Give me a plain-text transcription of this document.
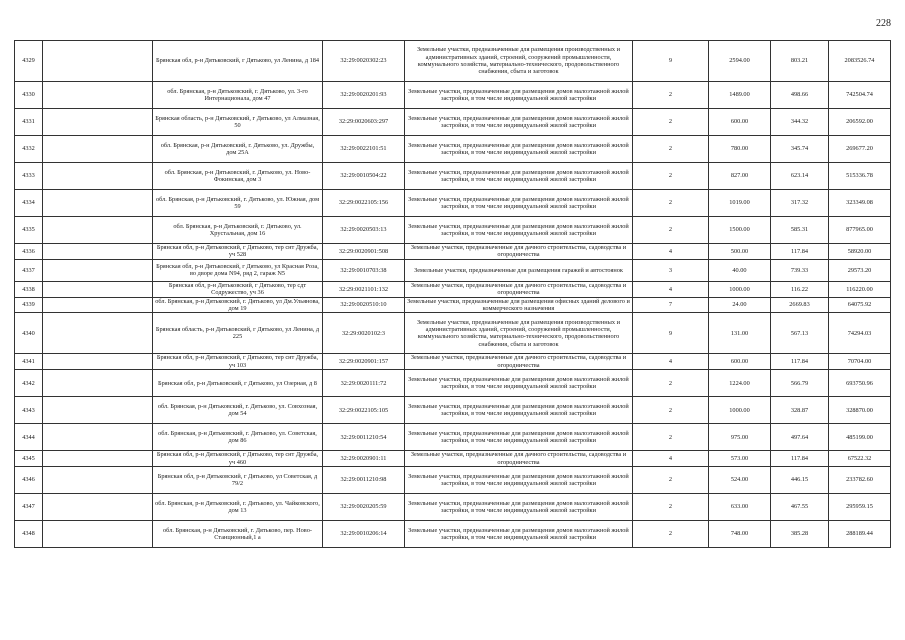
228
4329		Брянская обл, р-н Дятьковский, г Дятьково, ул Ленина, д 184	32:29:0020302:23	Земельные участки, предназначенные для размещения производственных и административных зданий, строений, сооружений промышленности, коммунального хозяйства, материально-технического, продовольственного снабжения, сбыта и заготовок	9	2594.00	803.21	2083526.74
4330		обл. Брянская, р-н Дятьковский, г. Дятьково, ул. 3-го Интернационала, дом 47	32:29:0020201:93	Земельные участки, предназначенные для размещения домов малоэтажной жилой застройки, в том числе индивидуальной жилой застройки	2	1489.00	498.66	742504.74
4331		Брянская область, р-н Дятьковский, г Дятьково, ул Алмазная, 50	32:29:0020603:297	Земельные участки, предназначенные для размещения домов малоэтажной жилой застройки, в том числе индивидуальной жилой застройки	2	600.00	344.32	206592.00
4332		обл. Брянская, р-н Дятьковский, г. Дятьково, ул. Дружбы, дом 25А	32:29:0022101:51	Земельные участки, предназначенные для размещения домов малоэтажной жилой застройки, в том числе индивидуальной жилой застройки	2	780.00	345.74	269677.20
4333		обл. Брянская, р-н Дятьковский, г. Дятьково, ул. Ново-Фокинская, дом 3	32:29:0010504:22	Земельные участки, предназначенные для размещения домов малоэтажной жилой застройки, в том числе индивидуальной жилой застройки	2	827.00	623.14	515336.78
4334		обл. Брянская, р-н Дятьковский, г. Дятьково, ул. Южная, дом 59	32:29:0022105:156	Земельные участки, предназначенные для размещения домов малоэтажной жилой застройки, в том числе индивидуальной жилой застройки	2	1019.00	317.32	323349.08
4335		обл. Брянская, р-н Дятьковский, г. Дятьково, ул. Хрустальная, дом 16	32:29:0020503:13	Земельные участки, предназначенные для размещения домов малоэтажной жилой застройки, в том числе индивидуальной жилой застройки	2	1500.00	585.31	877965.00
4336		Брянская обл, р-н Дятьковский, г Дятьково, тер снт Дружба, уч 528	32:29:0020901:508	Земельные участки, предназначенные для дачного строительства, садоводства и огородничества	4	500.00	117.84	58920.00
4337		Брянская обл, р-н Дятьковский, г Дятьково, ул Красная Роза, во дворе дома N94, ряд 2, гараж N5	32:29:0010703:38	Земельные участки, предназначенные для размещения гаражей и автостоянок	3	40.00	739.33	29573.20
4338		Брянская обл, р-н Дятьковский, г Дятьково, тер сдт Содружество, уч 36	32:29:0021101:132	Земельные участки, предназначенные для дачного строительства, садоводства и огородничества	4	1000.00	116.22	116220.00
4339		обл. Брянская, р-н Дятьковский, г. Дятьково, ул Дм.Ульянова, дом 19	32:29:0020510:10	Земельные участки, предназначенные для размещения офисных зданий делового и коммерческого назначения	7	24.00	2669.83	64075.92
4340		Брянская область, р-н Дятьковский, г Дятьково, ул Ленина, д 225	32:29:0020102:3	Земельные участки, предназначенные для размещения производственных и административных зданий, строений, сооружений промышленности, коммунального хозяйства, материально-технического, продовольственного снабжения, сбыта и заготовок	9	131.00	567.13	74294.03
4341		Брянская обл, р-н Дятьковский, г Дятьково, тер снт Дружба, уч 103	32:29:0020901:157	Земельные участки, предназначенные для дачного строительства, садоводства и огородничества	4	600.00	117.84	70704.00
4342		Брянская обл, р-н Дятьковский, г Дятьково, ул Озерная, д 8	32:29:0020111:72	Земельные участки, предназначенные для размещения домов малоэтажной жилой застройки, в том числе индивидуальной жилой застройки	2	1224.00	566.79	693750.96
4343		обл. Брянская, р-н Дятьковский, г. Дятьково, ул. Совхозная, дом 54	32:29:0022105:105	Земельные участки, предназначенные для размещения домов малоэтажной жилой застройки, в том числе индивидуальной жилой застройки	2	1000.00	328.87	328870.00
4344		обл. Брянская, р-н Дятьковский, г. Дятьково, ул. Советская, дом 86	32:29:0011210:54	Земельные участки, предназначенные для размещения домов малоэтажной жилой застройки, в том числе индивидуальной жилой застройки	2	975.00	497.64	485199.00
4345		Брянская обл, р-н Дятьковский, г Дятьково, тер снт Дружба, уч 460	32:29:0020901:11	Земельные участки, предназначенные для дачного строительства, садоводства и огородничества	4	573.00	117.84	67522.32
4346		Брянская обл, р-н Дятьковский, г Дятьково, ул Советская, д 79/2	32:29:0011210:98	Земельные участки, предназначенные для размещения домов малоэтажной жилой застройки, в том числе индивидуальной жилой застройки	2	524.00	446.15	233782.60
4347		обл. Брянская, р-н Дятьковский, г. Дятьково, ул. Чайковского, дом 13	32:29:0020205:59	Земельные участки, предназначенные для размещения домов малоэтажной жилой застройки, в том числе индивидуальной жилой застройки	2	633.00	467.55	295959.15
4348		обл. Брянская, р-н Дятьковский, г. Дятьково, пер. Ново-Станционный,1 а	32:29:0010206:14	Земельные участки, предназначенные для размещения домов малоэтажной жилой застройки, в том числе индивидуальной жилой застройки	2	748.00	385.28	288189.44
